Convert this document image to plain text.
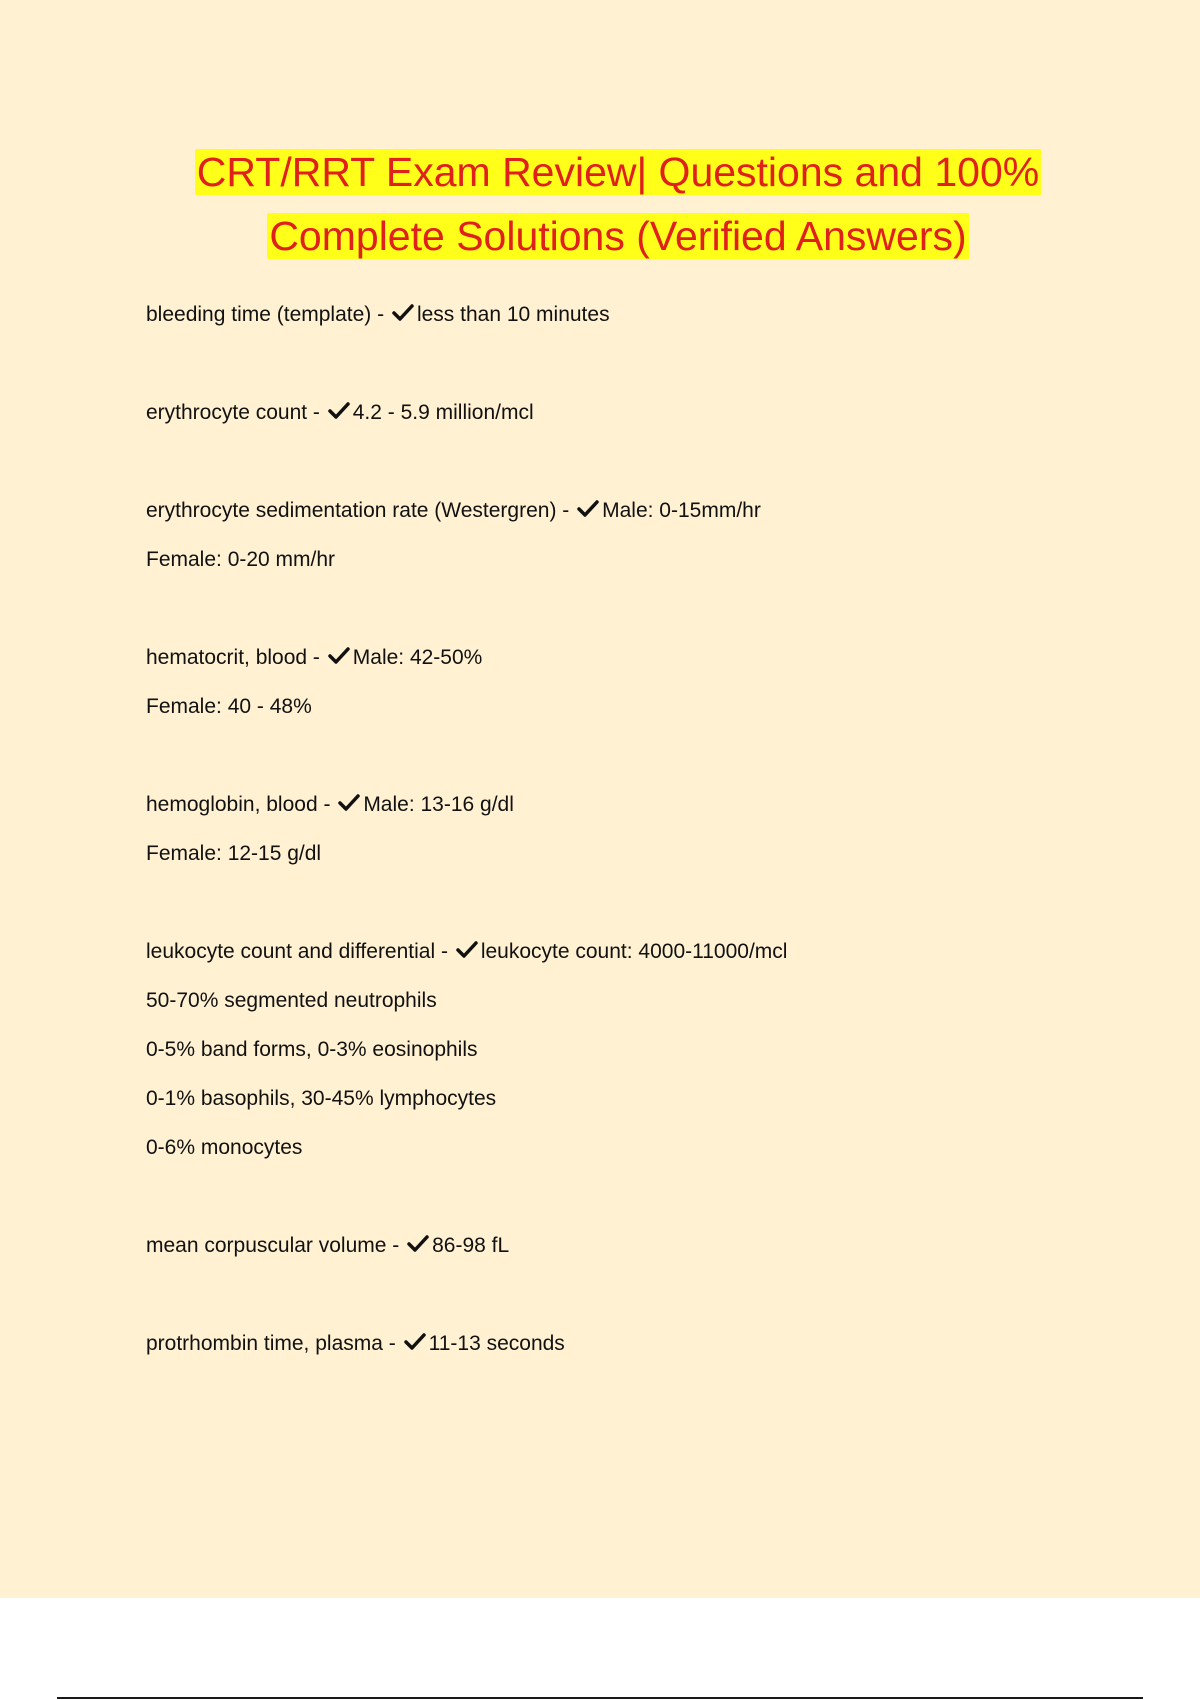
CRT/RRT Exam Review| Questions and 100%
Complete Solutions (Verified Answers)
bleeding time (template) - less than 10 minutes
erythrocyte count - 4.2 - 5.9 million/mcl
erythrocyte sedimentation rate (Westergren) - Male: 0-15mm/hr
Female: 0-20 mm/hr
hematocrit, blood - Male: 42-50%
Female: 40 - 48%
hemoglobin, blood - Male: 13-16 g/dl
Female: 12-15 g/dl
leukocyte count and differential - leukocyte count: 4000-11000/mcl
50-70% segmented neutrophils
0-5% band forms, 0-3% eosinophils
0-1% basophils, 30-45% lymphocytes
0-6% monocytes
mean corpuscular volume - 86-98 fL
protrhombin time, plasma - 11-13 seconds
